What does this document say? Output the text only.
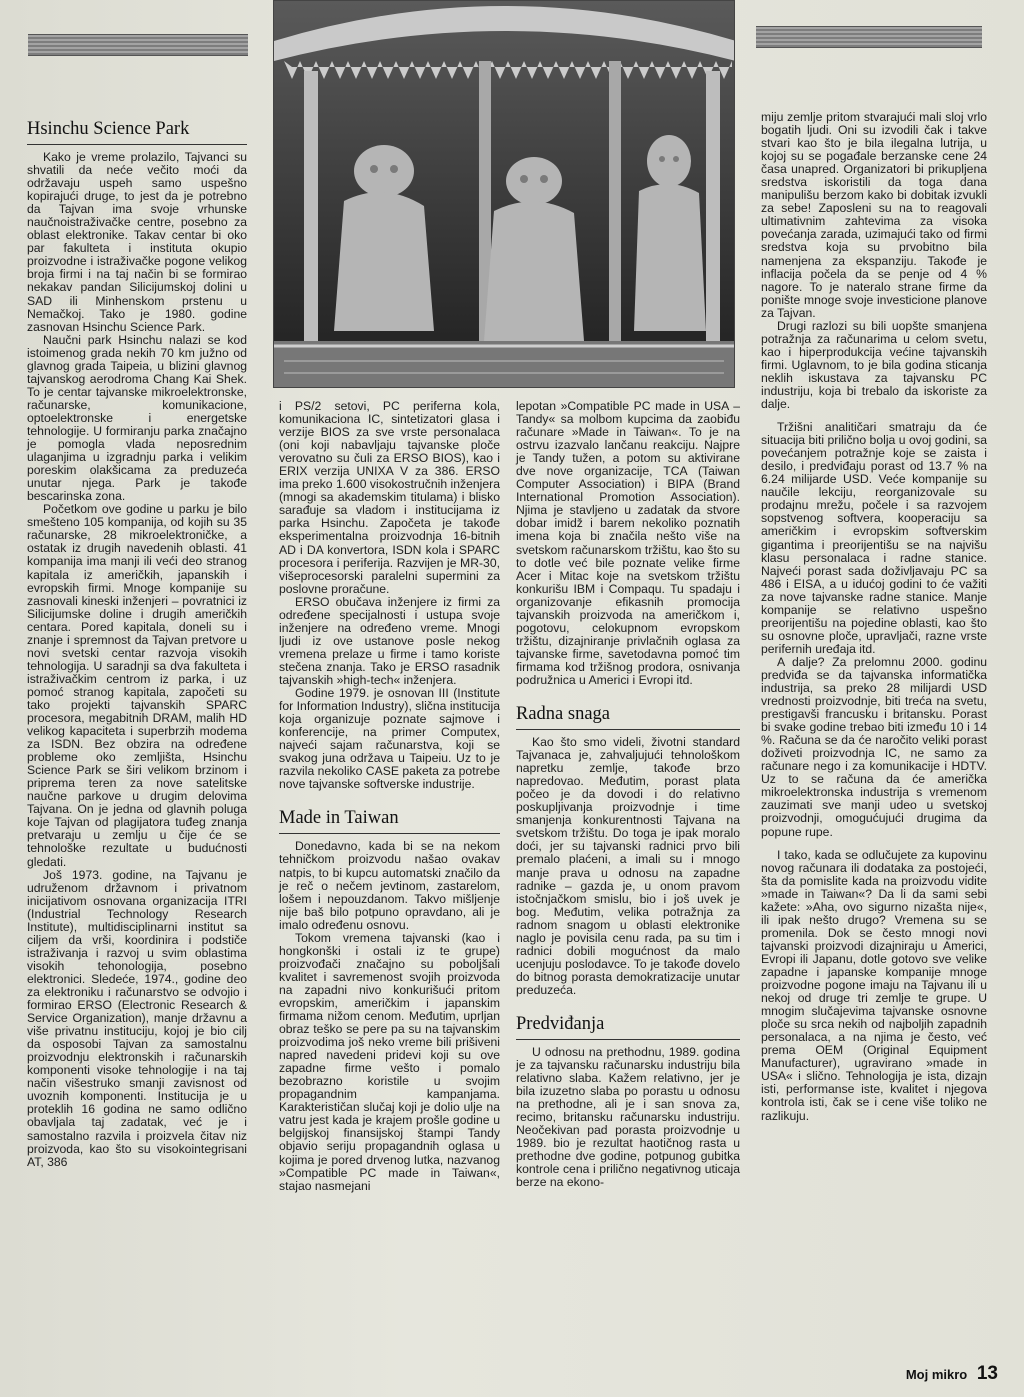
Hsinchu Science Park

Kako je vreme prolazilo, Tajvanci su shvatili da neće večito moći da održavaju uspeh samo uspešno kopirajući druge, to jest da je potrebno da Tajvan ima svoje vrhunske naučnoistraživačke centre, posebno za oblast elektronike. Takav centar bi oko par fakulteta i instituta okupio proizvodne i istraživačke pogone velikog broja firmi i na taj način bi se formirao nekakav pandan Silicijumskoj dolini u SAD ili Minhenskom prstenu u Nemačkoj. Tako je 1980. godine zasnovan Hsinchu Science Park.

Naučni park Hsinchu nalazi se kod istoimenog grada nekih 70 km južno od glavnog grada Taipeia, u blizini glavnog tajvanskog aerodroma Chang Kai Shek. To je centar tajvanske mikroelektronske, računarske, komunikacione, optoelektronske i energetske tehnologije. U formiranju parka značajno je pomogla vlada neposrednim ulaganjima u izgradnju parka i velikim poreskim olakšicama za preduzeća unutar njega. Park je takođe bescarinska zona.

Početkom ove godine u parku je bilo smešteno 105 kompanija, od kojih su 35 računarske, 28 mikroelektroničke, a ostatak iz drugih navedenih oblasti. 41 kompanija ima manji ili veći deo stranog kapitala iz američkih, japanskih i evropskih firmi. Mnoge kompanije su zasnovali kineski inženjeri – povratnici iz Silicijumske doline i drugih američkih centara. Pored kapitala, doneli su i znanje i spremnost da Tajvan pretvore u novi svetski centar razvoja visokih tehnologija. U saradnji sa dva fakulteta i istraživačkim centrom iz parka, i uz pomoć stranog kapitala, započeti su tako projekti tajvanskih SPARC procesora, megabitnih DRAM, malih HD velikog kapaciteta i superbrzih modema za ISDN. Bez obzira na određene probleme oko zemljišta, Hsinchu Science Park se širi velikom brzinom i priprema teren za nove satelitske naučne parkove u drugim delovima Tajvana. On je jedna od glavnih poluga koje Tajvan od plagijatora tuđeg znanja pretvaraju u zemlju u čije će se tehnološke rezultate u budućnosti gledati.

Još 1973. godine, na Tajvanu je udruženom državnom i privatnom inicijativom osnovana organizacija ITRI (Industrial Technology Research Institute), multidisciplinarni institut sa ciljem da vrši, koordinira i podstiče istraživanja i razvoj u svim oblastima visokih tehonologija, posebno elektronici. Sledeće, 1974., godine deo za elektroniku i računarstvo se odvojio i formirao ERSO (Electronic Research & Service Organization), manje državnu a više privatnu instituciju, kojoj je bio cilj da osposobi Tajvan za samostalnu proizvodnju elektronskih i računarskih komponenti visoke tehnologije i na taj način višestruko smanji zavisnost od uvoznih komponenti. Institucija je u proteklih 16 godina ne samo odlično obavljala taj zadatak, već je i samostalno razvila i proizvela čitav niz proizvoda, kao što su visokointegrisani AT, 386

i PS/2 setovi, PC periferna kola, komunikaciona IC, sintetizatori glasa i verzije BIOS za sve vrste personalaca (oni koji nabavljaju tajvanske ploče verovatno su čuli za ERSO BIOS), kao i ERIX verzija UNIXA V za 386. ERSO ima preko 1.600 visokostručnih inženjera (mnogi sa akademskim titulama) i blisko sarađuje sa vladom i institucijama iz parka Hsinchu. Započeta je takođe eksperimentalna proizvodnja 16-bitnih AD i DA konvertora, ISDN kola i SPARC procesora i periferija. Razvijen je MR-30, višeprocesorski paralelni supermini za poslovne proračune.

ERSO obučava inženjere iz firmi za određene specijalnosti i ustupa svoje inženjere na određeno vreme. Mnogi ljudi iz ove ustanove posle nekog vremena prelaze u firme i tamo koriste stečena znanja. Tako je ERSO rasadnik tajvanskih »high-tech« inženjera.

Godine 1979. je osnovan III (Institute for Information Industry), slična institucija koja organizuje poznate sajmove i konferencije, na primer Computex, najveći sajam računarstva, koji se svakog juna održava u Taipeiu. Uz to je razvila nekoliko CASE paketa za potrebe nove tajvanske softverske industrije.

Made in Taiwan

Donedavno, kada bi se na nekom tehničkom proizvodu našao ovakav natpis, to bi kupcu automatski značilo da je reč o nečem jevtinom, zastarelom, lošem i nepouzdanom. Takvo mišljenje nije baš bilo potpuno opravdano, ali je imalo određenu osnovu.

Tokom vremena tajvanski (kao i hongkonški i ostali iz te grupe) proizvođači značajno su poboljšali kvalitet i savremenost svojih proizvoda na zapadni nivo konkurišući pritom evropskim, američkim i japanskim firmama nižom cenom. Međutim, uprljan obraz teško se pere pa su na tajvanskim proizvodima još neko vreme bili prišiveni napred navedeni pridevi koji su ove zapadne firme vešto i pomalo bezobrazno koristile u svojim propagandnim kampanjama. Karakterističan slučaj koji je dolio ulje na vatru jest kada je krajem prošle godine u belgijskoj finansijskoj štampi Tandy objavio seriju propagandnih oglasa u kojima je pored drvenog lutka, nazvanog »Compatible PC made in Taiwan«, stajao nasmejani

lepotan »Compatible PC made in USA – Tandy« sa molbom kupcima da zaobiđu računare »Made in Taiwan«. To je na ostrvu izazvalo lančanu reakciju. Najpre je Tandy tužen, a potom su aktivirane dve nove organizacije, TCA (Taiwan Computer Association) i BIPA (Brand International Promotion Association). Njima je stavljeno u zadatak da stvore dobar imidž i barem nekoliko poznatih imena koja bi značila nešto više na svetskom računarskom tržištu, kao što su to dotle već bile poznate velike firme Acer i Mitac koje na svetskom tržištu konkurišu IBM i Compaqu. Tu spadaju i organizovanje efikasnih promocija tajvanskih proizvoda na američkom i, pogotovu, celokupnom evropskom tržištu, dizajniranje privlačnih oglasa za tajvanske firme, savetodavna pomoć tim firmama kod tržišnog prodora, osnivanja podružnica u Americi i Evropi itd.

Radna snaga

Kao što smo videli, životni standard Tajvanaca je, zahvaljujući tehnološkom napretku zemlje, takođe brzo napredovao. Međutim, porast plata počeo je da dovodi i do relativno poskupljivanja proizvodnje i time smanjenja konkurentnosti Tajvana na svetskom tržištu. Do toga je ipak moralo doći, jer su tajvanski radnici prvo bili premalo plaćeni, a imali su i mnogo manje prava u odnosu na zapadne radnike – gazda je, u onom pravom istočnjačkom smislu, bio i još uvek je bog. Međutim, velika potražnja za radnom snagom u oblasti elektronike naglo je povisila cenu rada, pa su tim i radnici dobili mogućnost da malo ucenjuju poslodavce. To je takođe dovelo do bitnog porasta demokratizacije unutar preduzeća.

Predviđanja

U odnosu na prethodnu, 1989. godina je za tajvansku računarsku industriju bila relativno slaba. Kažem relativno, jer je bila izuzetno slaba po porastu u odnosu na prethodne, ali je i san snova za, recimo, britansku računarsku industriju. Neočekivan pad porasta proizvodnje u 1989. bio je rezultat haotičnog rasta u prethodne dve godine, potpunog gubitka kontrole cena i prilično negativnog uticaja berze na ekono-

miju zemlje pritom stvarajući mali sloj vrlo bogatih ljudi. Oni su izvodili čak i takve stvari kao što je bila ilegalna lutrija, u kojoj su se pogađale berzanske cene 24 časa unapred. Organizatori bi prikupljena sredstva iskoristili da toga dana manipulišu berzom kako bi dobitak izvukli za sebe! Zaposleni su na to reagovali ultimativnim zahtevima za visoka povećanja zarada, uzimajući tako od firmi sredstva koja su prvobitno bila namenjena za ekspanziju. Takođe je inflacija počela da se penje od 4 % nagore. To je nateralo strane firme da ponište mnoge svoje investicione planove za Tajvan.

Drugi razlozi su bili uopšte smanjena potražnja za računarima u celom svetu, kao i hiperprodukcija većine tajvanskih firmi. Uglavnom, to je bila godina sticanja neklih iskustava za tajvansku PC industriju, koja bi trebalo da iskoriste za dalje.

Tržišni analitičari smatraju da će situacija biti prilično bolja u ovoj godini, sa povećanjem potražnje koje se zaista i desilo, i predviđaju porast od 13.7 % na 6.24 milijarde USD. Veće kompanije su naučile lekciju, reorganizovale su prodajnu mrežu, počele i sa razvojem sopstvenog softvera, kooperaciju sa američkim i evropskim softverskim gigantima i preorijentišu se na najvišu klasu personalaca i radne stanice. Najveći porast sada doživljavaju PC sa 486 i EISA, a u idućoj godini to će važiti za nove tajvanske radne stanice. Manje kompanije se relativno uspešno preorijentišu na pojedine oblasti, kao što su osnovne ploče, upravljači, razne vrste perifernih uređaja itd.

A dalje? Za prelomnu 2000. godinu predviđa se da tajvanska informatička industrija, sa preko 28 milijardi USD vrednosti proizvodnje, biti treća na svetu, prestigavši francusku i britansku. Porast bi svake godine trebao biti između 10 i 14 %. Računa se da će naročito veliki porast doživeti proizvodnja IC, ne samo za računare nego i za komunikacije i HDTV. Uz to se računa da će američka mikroelektronska industrija s vremenom zauzimati sve manji udeo u svetskoj proizvodnji, omogućujući drugima da popune rupe.

I tako, kada se odlučujete za kupovinu novog računara ili dodataka za postojeći, šta da pomislite kada na proizvodu vidite »made in Taiwan«? Da li da sami sebi kažete: »Aha, ovo sigurno nizašta nije«, ili ipak nešto drugo? Vremena su se promenila. Dok se često mnogi novi tajvanski proizvodi dizajniraju u Americi, Evropi ili Japanu, dotle gotovo sve velike zapadne i japanske kompanije mnoge proizvodne pogone imaju na Tajvanu ili u nekoj od druge tri zemlje te grupe. U mnogim slučajevima tajvanske osnovne ploče su srca nekih od najboljih zapadnih personalaca, a na njima je često, već prema OEM (Original Equipment Manufacturer), ugravirano »made in USA« i slično. Tehnologija je ista, dizajn isti, performanse iste, kvalitet i njegova kontrola isti, čak se i cene više toliko ne razlikuju.

Moj mikro 13
